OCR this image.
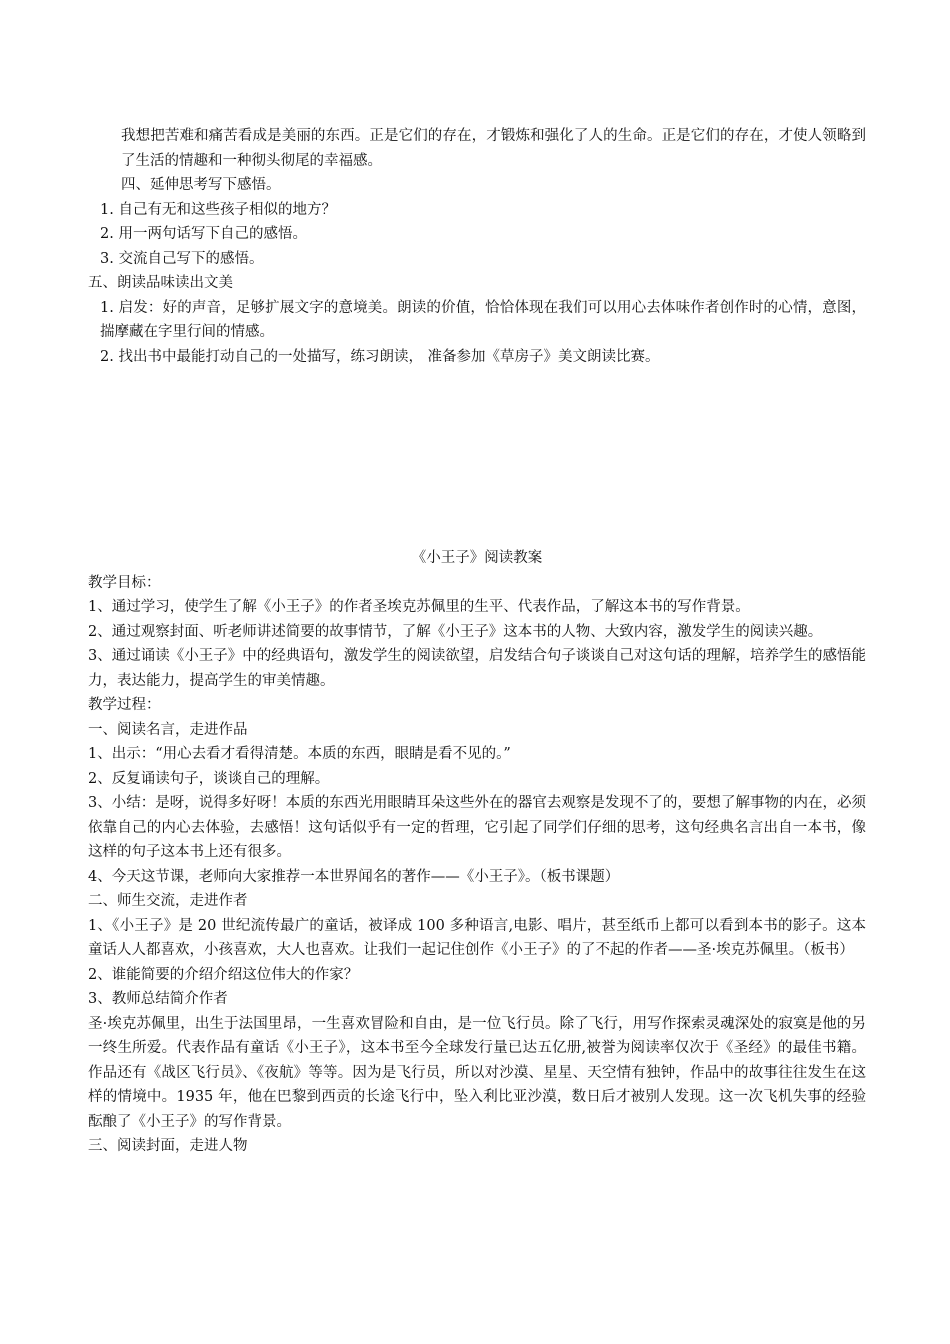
我想把苦难和痛苦看成是美丽的东西。正是它们的存在，才锻炼和强化了人的生命。正是它们的存在，才使人领略到了生活的情趣和一种彻头彻尾的幸福感。
四、延伸思考写下感悟。
1. 自己有无和这些孩子相似的地方？
2. 用一两句话写下自己的感悟。
3. 交流自己写下的感悟。
五、朗读品味读出文美
1. 启发：好的声音，足够扩展文字的意境美。朗读的价值，恰恰体现在我们可以用心去体味作者创作时的心情，意图，揣摩藏在字里行间的情感。
2. 找出书中最能打动自己的一处描写，练习朗读， 准备参加《草房子》美文朗读比赛。
《小王子》阅读教案
教学目标：
1、通过学习，使学生了解《小王子》的作者圣埃克苏佩里的生平、代表作品，了解这本书的写作背景。
2、通过观察封面、听老师讲述简要的故事情节，了解《小王子》这本书的人物、大致内容，激发学生的阅读兴趣。
3、通过诵读《小王子》中的经典语句，激发学生的阅读欲望，启发结合句子谈谈自己对这句话的理解，培养学生的感悟能力，表达能力，提高学生的审美情趣。
教学过程：
一、阅读名言，走进作品
1、出示：“用心去看才看得清楚。本质的东西，眼睛是看不见的。”
2、反复诵读句子，谈谈自己的理解。
3、小结：是呀，说得多好呀！本质的东西光用眼睛耳朵这些外在的器官去观察是发现不了的，要想了解事物的内在，必须依靠自己的内心去体验，去感悟！这句话似乎有一定的哲理，它引起了同学们仔细的思考，这句经典名言出自一本书，像这样的句子这本书上还有很多。
4、今天这节课，老师向大家推荐一本世界闻名的著作——《小王子》。（板书课题）
二、师生交流，走进作者
1、《小王子》是 20 世纪流传最广的童话，被译成 100 多种语言,电影、唱片，甚至纸币上都可以看到本书的影子。这本童话人人都喜欢，小孩喜欢，大人也喜欢。让我们一起记住创作《小王子》的了不起的作者——圣·埃克苏佩里。（板书）
2、谁能简要的介绍介绍这位伟大的作家？
3、教师总结简介作者
圣·埃克苏佩里，出生于法国里昂，一生喜欢冒险和自由，是一位飞行员。除了飞行，用写作探索灵魂深处的寂寞是他的另一终生所爱。代表作品有童话《小王子》，这本书至今全球发行量已达五亿册,被誉为阅读率仅次于《圣经》的最佳书籍。作品还有《战区飞行员》、《夜航》等等。因为是飞行员，所以对沙漠、星星、天空情有独钟，作品中的故事往往发生在这样的情境中。1935 年，他在巴黎到西贡的长途飞行中，坠入利比亚沙漠，数日后才被别人发现。这一次飞机失事的经验酝酿了《小王子》的写作背景。
三、阅读封面，走进人物
